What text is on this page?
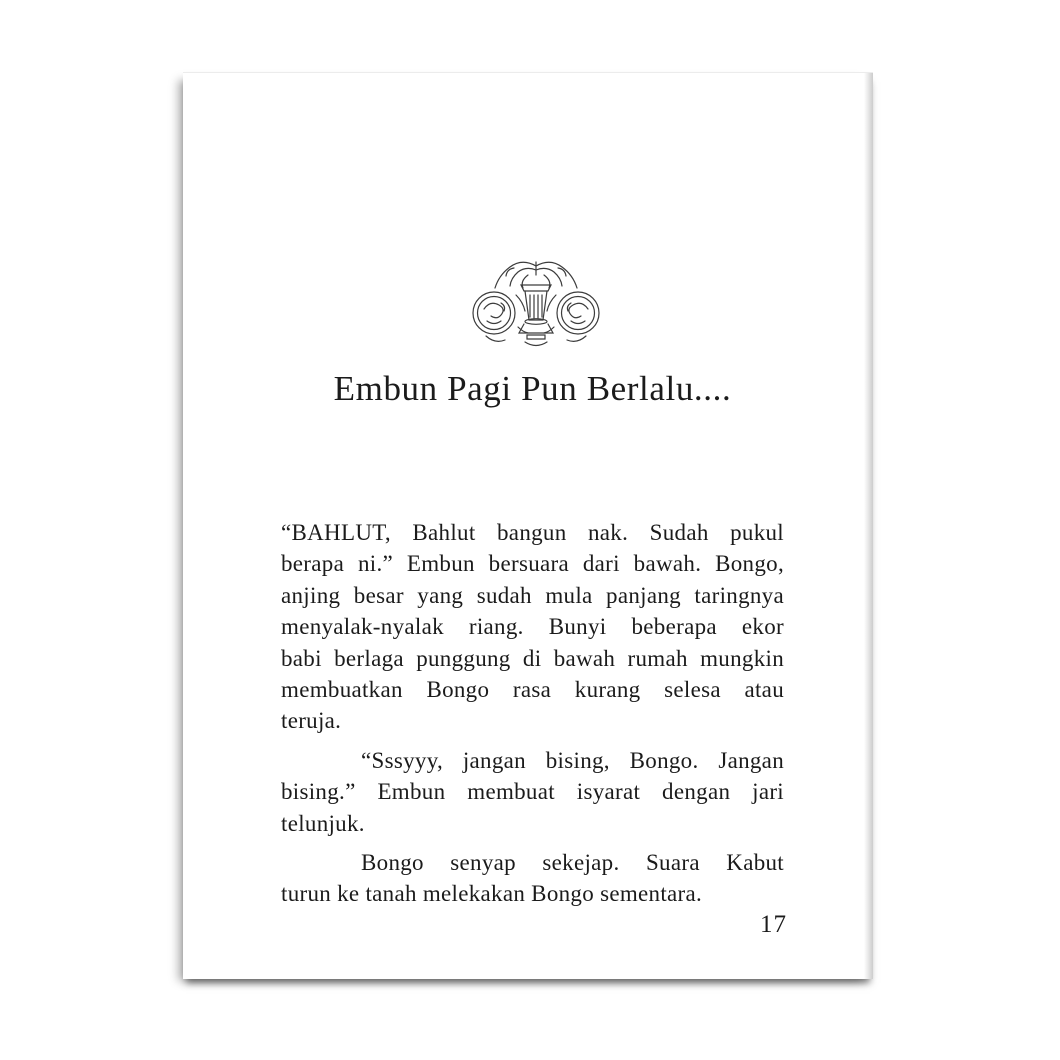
Embun Pagi Pun Berlalu....
“BAHLUT, Bahlut bangun nak. Sudah pukul
berapa ni.” Embun bersuara dari bawah. Bongo,
anjing besar yang sudah mula panjang taringnya
menyalak-nyalak riang. Bunyi beberapa ekor
babi berlaga punggung di bawah rumah mungkin
membuatkan Bongo rasa kurang selesa atau
teruja.
“Sssyyy, jangan bising, Bongo. Jangan
bising.” Embun membuat isyarat dengan jari
telunjuk.
Bongo senyap sekejap. Suara Kabut
turun ke tanah melekakan Bongo sementara.
17
